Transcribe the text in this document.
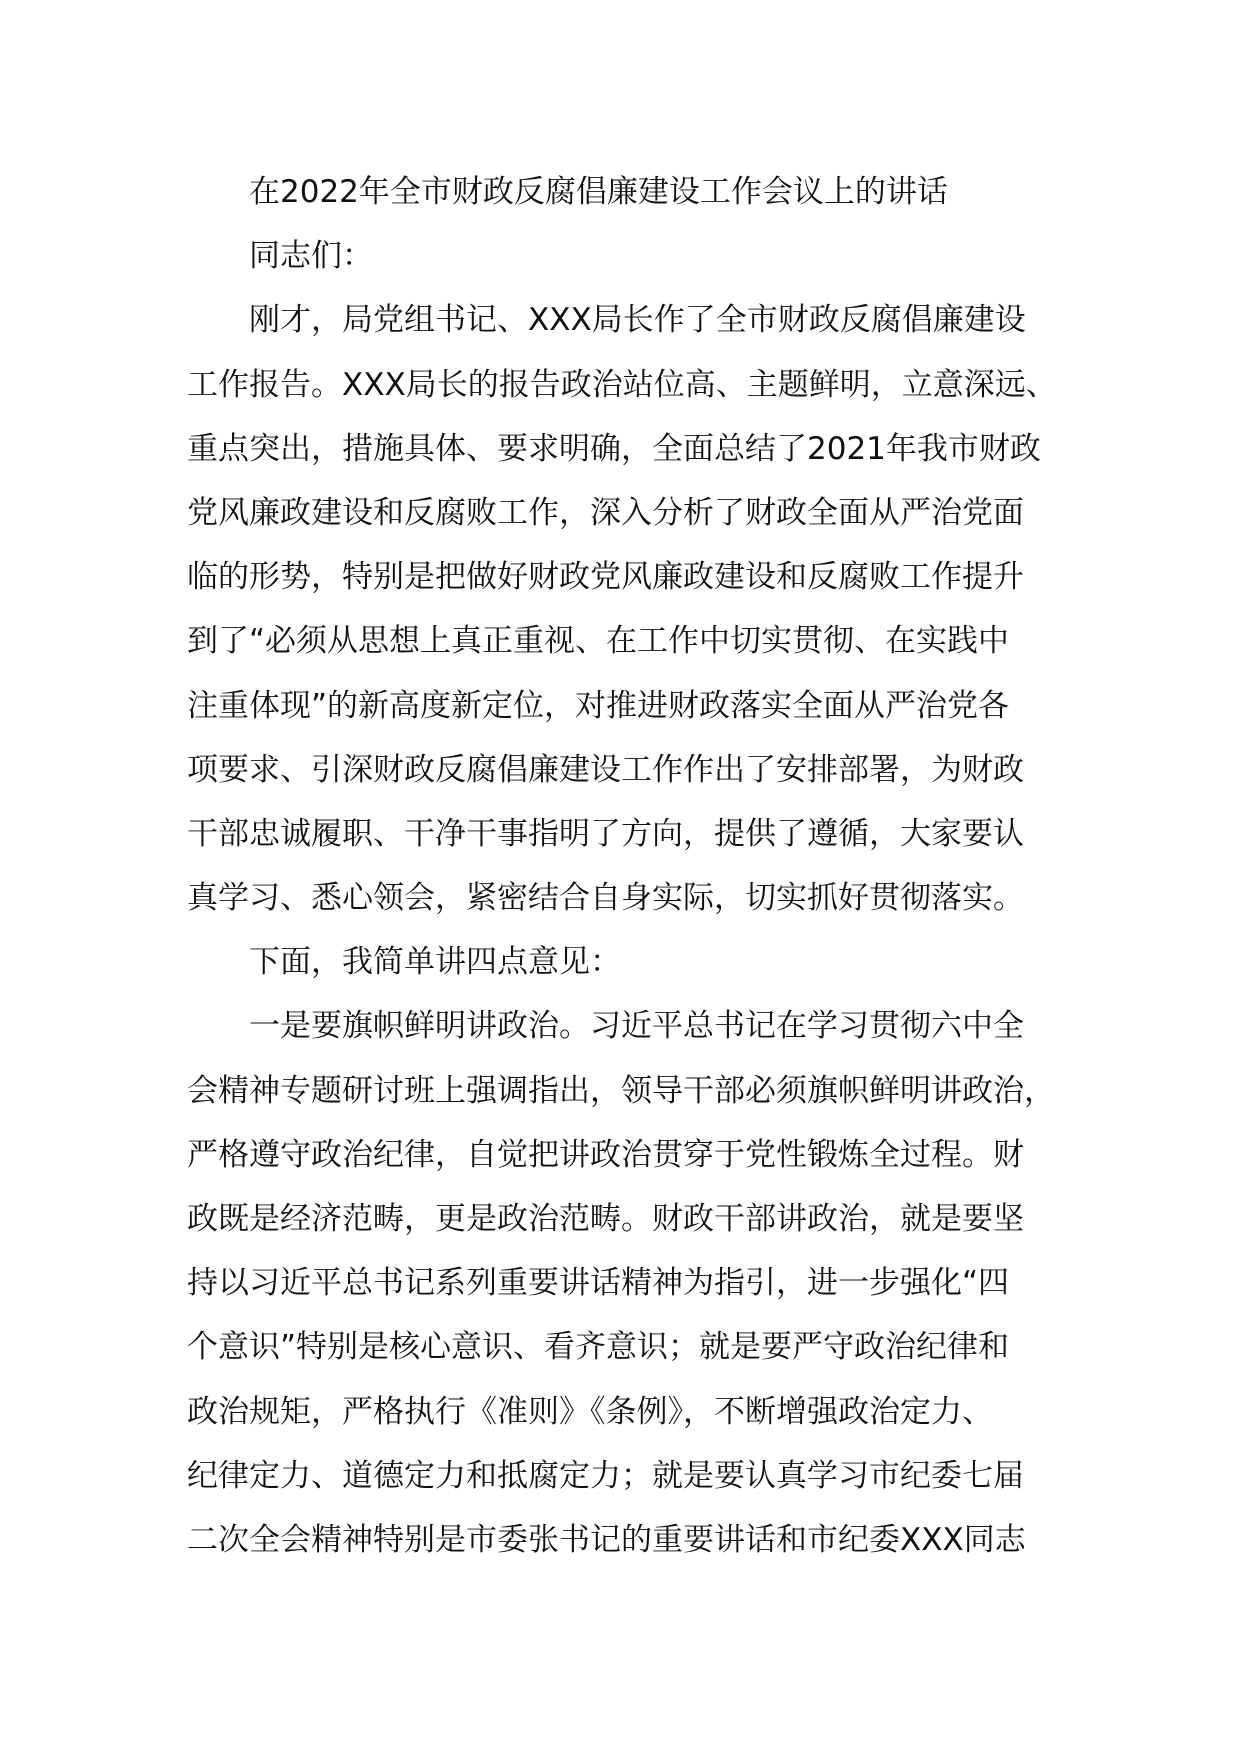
在2022年全市财政反腐倡廉建设工作会议上的讲话
同志们：
刚才，局党组书记、XXX局长作了全市财政反腐倡廉建设
工作报告。XXX局长的报告政治站位高、主题鲜明，立意深远、
重点突出，措施具体、要求明确，全面总结了2021年我市财政
党风廉政建设和反腐败工作，深入分析了财政全面从严治党面
临的形势，特别是把做好财政党风廉政建设和反腐败工作提升
到了“必须从思想上真正重视、在工作中切实贯彻、在实践中
注重体现”的新高度新定位，对推进财政落实全面从严治党各
项要求、引深财政反腐倡廉建设工作作出了安排部署，为财政
干部忠诚履职、干净干事指明了方向，提供了遵循，大家要认
真学习、悉心领会，紧密结合自身实际，切实抓好贯彻落实。
下面，我简单讲四点意见：
一是要旗帜鲜明讲政治。习近平总书记在学习贯彻六中全
会精神专题研讨班上强调指出，领导干部必须旗帜鲜明讲政治，
严格遵守政治纪律，自觉把讲政治贯穿于党性锻炼全过程。财
政既是经济范畴，更是政治范畴。财政干部讲政治，就是要坚
持以习近平总书记系列重要讲话精神为指引，进一步强化“四
个意识”特别是核心意识、看齐意识；就是要严守政治纪律和
政治规矩，严格执行《准则》《条例》，不断增强政治定力、
纪律定力、道德定力和抵腐定力；就是要认真学习市纪委七届
二次全会精神特别是市委张书记的重要讲话和市纪委XXX同志
